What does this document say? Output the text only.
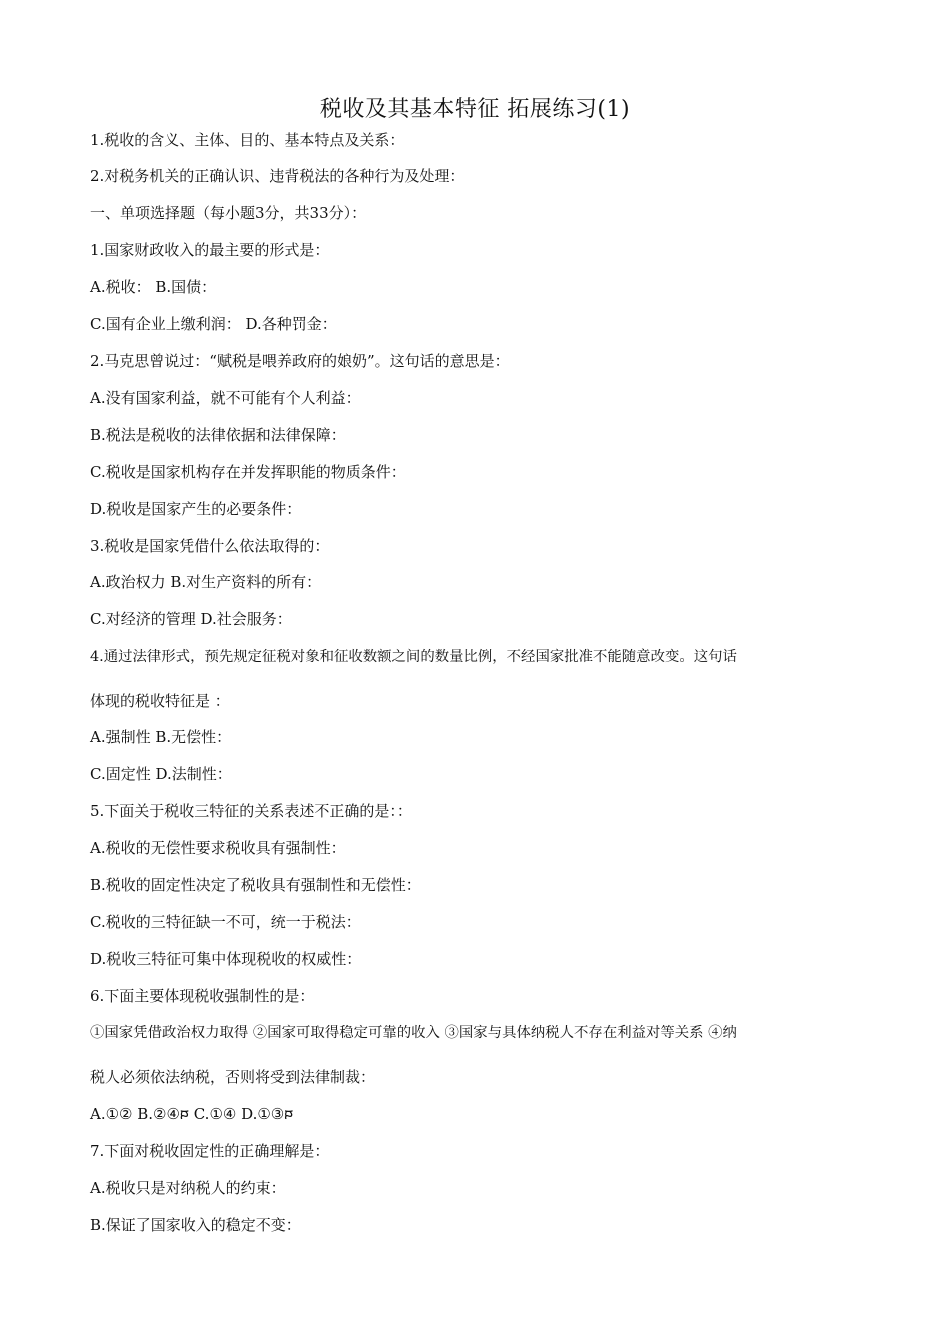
税收及其基本特征 拓展练习(1)
1.税收的含义、主体、目的、基本特点及关系：
2.对税务机关的正确认识、违背税法的各种行为及处理：
一、单项选择题（每小题3分，共33分）：
1.国家财政收入的最主要的形式是：
A.税收： B.国债：
C.国有企业上缴利润： D.各种罚金：
2.马克思曾说过：“赋税是喂养政府的娘奶”。这句话的意思是：
A.没有国家利益，就不可能有个人利益：
B.税法是税收的法律依据和法律保障：
C.税收是国家机构存在并发挥职能的物质条件：
D.税收是国家产生的必要条件：
3.税收是国家凭借什么依法取得的：
A.政治权力 B.对生产资料的所有：
C.对经济的管理 D.社会服务：
4.通过法律形式，预先规定征税对象和征收数额之间的数量比例，不经国家批准不能随意改变。这句话
体现的税收特征是 ：
A.强制性 B.无偿性：
C.固定性 D.法制性：
5.下面关于税收三特征的关系表述不正确的是：：
A.税收的无偿性要求税收具有强制性：
B.税收的固定性决定了税收具有强制性和无偿性：
C.税收的三特征缺一不可，统一于税法：
D.税收三特征可集中体现税收的权威性：
6.下面主要体现税收强制性的是：
①国家凭借政治权力取得 ②国家可取得稳定可靠的收入 ③国家与具体纳税人不存在利益对等关系 ④纳
税人必须依法纳税，否则将受到法律制裁：
A.①② B.②④ᰐ C.①④ D.①③ᰐ
7.下面对税收固定性的正确理解是：
A.税收只是对纳税人的约束：
B.保证了国家收入的稳定不变：
